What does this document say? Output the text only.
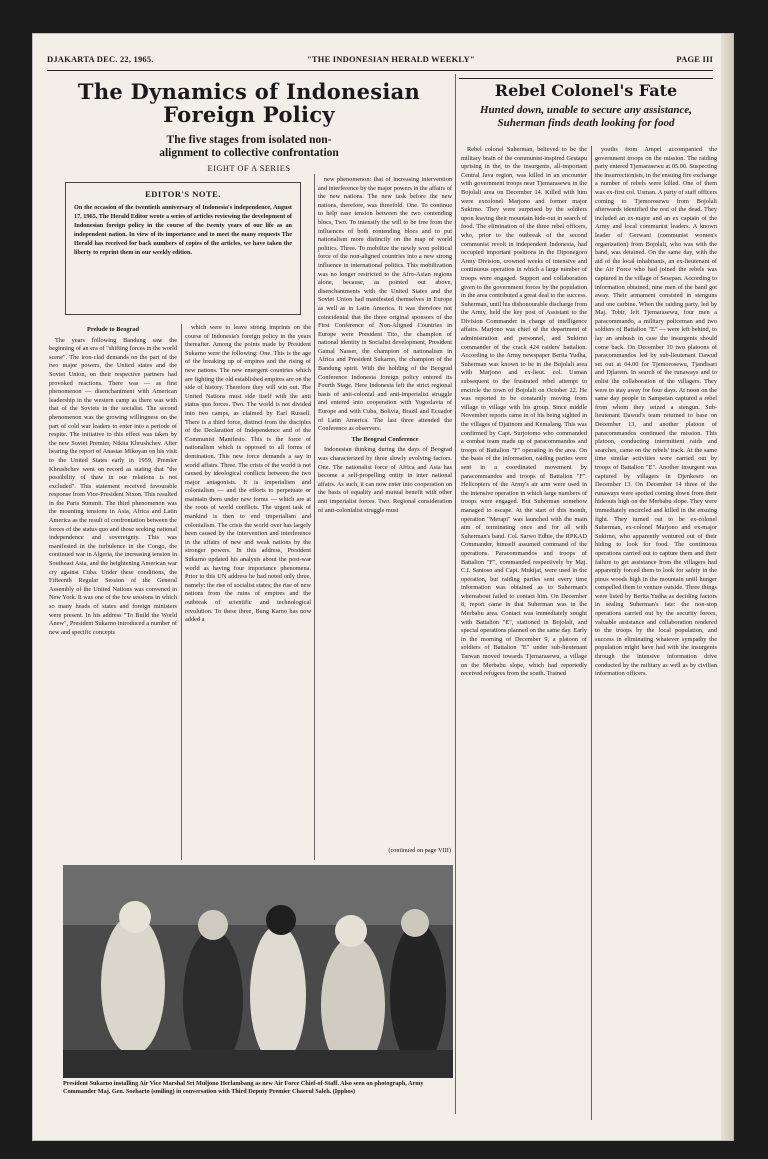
DJAKARTA DEC. 22, 1965.	"THE INDONESIAN HERALD WEEKLY"	PAGE III
The Dynamics of Indonesian
Foreign Policy
The five stages from isolated non-
alignment to collective confrontation
EIGHT OF A SERIES
Rebel Colonel's Fate
Hunted down, unable to secure any assistance, Suherman finds death looking for food
EDITOR'S NOTE.
On the occasion of the twentieth anniversary of Indonesia's independence, August 17, 1965, The Herald Editor wrote a series of articles reviewing the development of Indonesian foreign policy in the course of the twenty years of our life as an independent nation. In view of its importance and to meet the many requests The Herald has received for back numbers of copies of the articles, we have taken the liberty to reprint them in our weekly edition.

Prelude to Beograd

The years following Bandung saw the beginning of an era of "shifting forces in the world scene". The iron-clad demands on the part of the two major powers, the United states and the Soviet Union, on their respective partners had provoked reactions. There was — as first phenomenon — disenchantment with American leadership in the western camp as there was with that of the Soviets in the socialist. The second phenomenon was the growing willingness on the part of cold war leaders to enter into a periode of respite. The initiative to this effect was taken by the new Soviet Premier, Nikita Khrushchev. After hearing the report of Anastas Mikoyan on his visit to the United States early in 1959, Premier Khrushchev went on record as stating that "the possibility of thaw in our relations is not excluded". This statement received favourable response from Vice-President Nixon. This resulted in the Paris Summit. The third phenomenon was the mounting tensions in Asia, Africa and Latin America as the result of confrontation between the forces of the status quo and those seeking national independence and sovereignty. This was manifested in the turbulence in the Congo, the continued war in Algeria, the increasing tension in Southeast Asia, and the heightening American war cry against Cuba. Under these conditions, the Fifteenth Regular Session of the General Assembly of the United Nations was convened in New York. It was one of the few sessions in which so many heads of states and foreign ministers were present. In his address "To Build the World Anew", President Sukarno introduced a number of new and specific concepts

which were to leave strong imprints on the course of Indonesia's foreign policy in the years thereafter. Among the points made by President Sukarno were the following: One. This is the age of the breaking up of empires and the rising of new nations. The new emergent countries which are fighting the old established empires are on the side of history. Therefore they will win out. The United Nations must side itself with the anti status quo forces. Two. The world is not divided into two camps, as claimed by Earl Russell. There is a third force, distinct from the disciples of the Declaration of Independence and of the Communist Manifesto. This is the force of nationalism which is opposed to all forms of domination. This new force demands a say in world affairs. Three. The crisis of the world is not caused by ideological conflicts between the two major antagonists. It is imperialism and colonialism — and the efforts to perpetuate or maintain them under new forms — which are at the roots of world conflicts. The urgent task of mankind is then to end imperialism and colonialism. The crisis the world over has largely been caused by the intervention and interference in the affairs of new and weak nations by the stronger powers. In this address, President Sukarno updated his analysis about the post-war world as having four importance phenomena. Prior to this UN address he had noted only three, namely: the rise of socialist states; the rise of new nations from the ruins of empires and the outbreak of scientific and technological revolution. To these three, Bung Karno has now added a

new phenomenon: that of increasing intervention and interference by the major powers in the affairs of the new nations. The new task before the new nations, therefore, was threefold. One. To continue to help ease tension between the two contending blocs, Two. To intensify the will to be free from the influences of both contending blocs and to put nationalism more distinctly on the map of world politics. Three. To mobilize the newly won political force of the non-aligned countries into a new strong influence in international politics. This mobilization was no longer restricted to the Afro-Asian regions alone, because, as pointed out above, disenchantments with the United States and the Soviet Union had manifested themselves in Europe as well as in Latin America. It was therefore not coincidental that the three original sponsors of the First Conference of Non-Aligned Countries in Europe were President Tito, the champion of national identity in Socialist development, President Gamal Nasser, the champion of nationalism in Africa and President Sukarno, the champion of the Bandung spirit. With the holding of the Beograd Conference Indonesia foreign policy entered its Fourth Stage. Here Indonesia left the strict regional basis of anti-colonial and anti-imperialist struggle and entered into cooperation with Yugoslavia of Europe and with Cuba, Bolivia, Brazil and Ecuador of Latin America. The last three attended the Conference as observers.

The Beograd Conference

Indonesian thinking during the days of Beograd was characterized by three slowly evolving factors. One. The nationalist force of Africa and Asia has become a self-propelling entity in inter national affairs. As such, it can now enter into cooperation on the basis of equality and mutual benefit with other anti imperialist forces. Two. Regional consideration of anti-colonialist struggle must

(continued on page VIII)
President Sukarno installing Air Vice Marshal Sri Muljono Herlambang as new Air Force Chief-of-Staff. Also seen on photograph, Army Commander Maj. Gen. Soeharto (smiling) in conversation with Third Deputy Premier Chaerul Saleh. (Ipphos)

Rebel colonel Suherman, believed to be the military brain of the communist-inspired Gestapu uprising in the, to the insurgents, all-important Central Java region, was killed in an encounter with government troops near Tjemarasewu in the Bojolali area on December 14. Killed with him were excolonel Marjono and former major Sukirno. They were surprised by the soldiers upon leaving their mountain hide-out in search of food. The elimination of the three rebel officers, who, prior to the outbreak of the second communist revolt in independent Indonesia, had occupied important positions in the Diponegoro Army Division, crowned weeks of intensive and continuous operation in which a large number of troops were engaged. Support and collaboration given to the government forces by the population in the area contributed a great deal to the success. Suherman, until his dishonourable discharge from the Army, held the key post of Assistant to the Division Commander in charge of intelligence affairs. Marjono was chief of the department of administration and personnel, and Sukirno commander of the crack 424 raiders' battalion. According to the Army newspaper Berita Yudha, Suherman was known to be in the Bojolali area with Marjono and ex-lieut. col. Usman subsequent to the frustrated rebel attempt to encircle the town of Bojolali on October 22. He was reported to be constantly moving from village to village with his group. Since middle November reports came in of his being sighted in the villages of Djatinom and Kemalang. This was confirmed by Capt. Surjotomo who commanded a combat team made up of paracommandos and troops of Battalion "F" operating in the area. On the basis of the information, raiding parties were sent in a coordinated movement by paracommandos and troops of Battalion "F". Helicopters of the Army's air arm were used in the intensive operation in which large numbers of troops were engaged. But Suherman somehow managed to escape. At the start of this month, operation "Merapi" was launched with the main aim of terminating once and for all with Suherman's band. Col. Sarwo Edhie, the RPKAD Commander, himself assumed command of the operations. Paracommandos and troops of Battalion "F", commanded respectively by Maj. C.I. Santoso and Capt. Mukijat, were used in the operation, but raiding parties sent every time information was obtained as to Suherman's whereabout failed to contact him. On December 8, report came in that Suherman was in the Merbabu area. Contact was immediately sought with Battalion "E", stationed in Bojolali, and special operations planned on the same day. Early in the morning of December 9, a platoon of soldiers of Battalion "E" under sub-lieutenant Tarwan moved towards Tjemarasewu, a village on the Merbabu slope, which had reportedly received refugees from the south. Trained

youths from Ampel accompanied the government troops on the mission. The raiding party entered Tjemarasewu at 05.00. Suspecting the insurrectionists, in the ensuing fire exchange a number of rebels were killed. One of them was ex-first col. Usman. A party of staff officers coming to Tjemorosewu from Bojolali afterwards identified the rest of the dead. They included an ex-major and an ex captain of the Army and local communist leaders. A known leader of Gerwani (communist women's organization) from Bojolali, who was with the band, was detained. On the same day, with the aid of the local inhabitants, an ex-lieutenant of the Air Force who had joined the rebels was captured in the village of Sesepan. According to information obtained, nine men of the band got away. Their armament consisted in stenguns and one carbine. When the raiding party, led by Maj. Tobir, left Tjemarasewu, four men a paracommando, a military policeman and two soldiers of Battalion "E" — were left behind, to lay an ambush in case the insurgents should come back. On December 10 two platoons of paracommandos led by sub-lieutenant Dawud set out at 04.00 for Tjemorosewu, Tjandisari and Djlarem. In search of the runaways and to enlist the collaboration of the villagers. They were to stay away for four days. At noon on the same day people in Sampetan captured a rebel from whom they seized a stengun. Sub-lieutenant Dawud's team returned to base on December 13, and another platoon of paracommandos continued the mission. This platoon, conducting intermittent raids and searches, came on the rebels' track. At the same time similar activities were carried out by troops of Battalion "E". Another insurgent was captured by villagers in Djenkesro on December 13. On December 14 three of the runaways were spotted coming down from their hideouts high on the Merbabu slope. They were immediately encircled and killed in the ensuing fight. They turned out to be ex-colonel Suherman, ex-colonel Marjono and ex-major Sukirno, who apparently ventured out of their hiding to look for food. The continuous operations carried out to capture them and their failure to get assistance from the villagers had apparently forced them to look for safety in the pinus woods high in the mountain until hunger compelled them to venture outside. Three things were listed by Berita Yudha as deciding factors in sealing Suherman's fate: the non-stop operations carried out by the security forces, valuable assistance and collaboration rendered to the troops by the local population, and success in eliminating whatever sympathy the population might have had with the insurgents through the intensive information drive conducted by the military as well as by civilian information officers.
